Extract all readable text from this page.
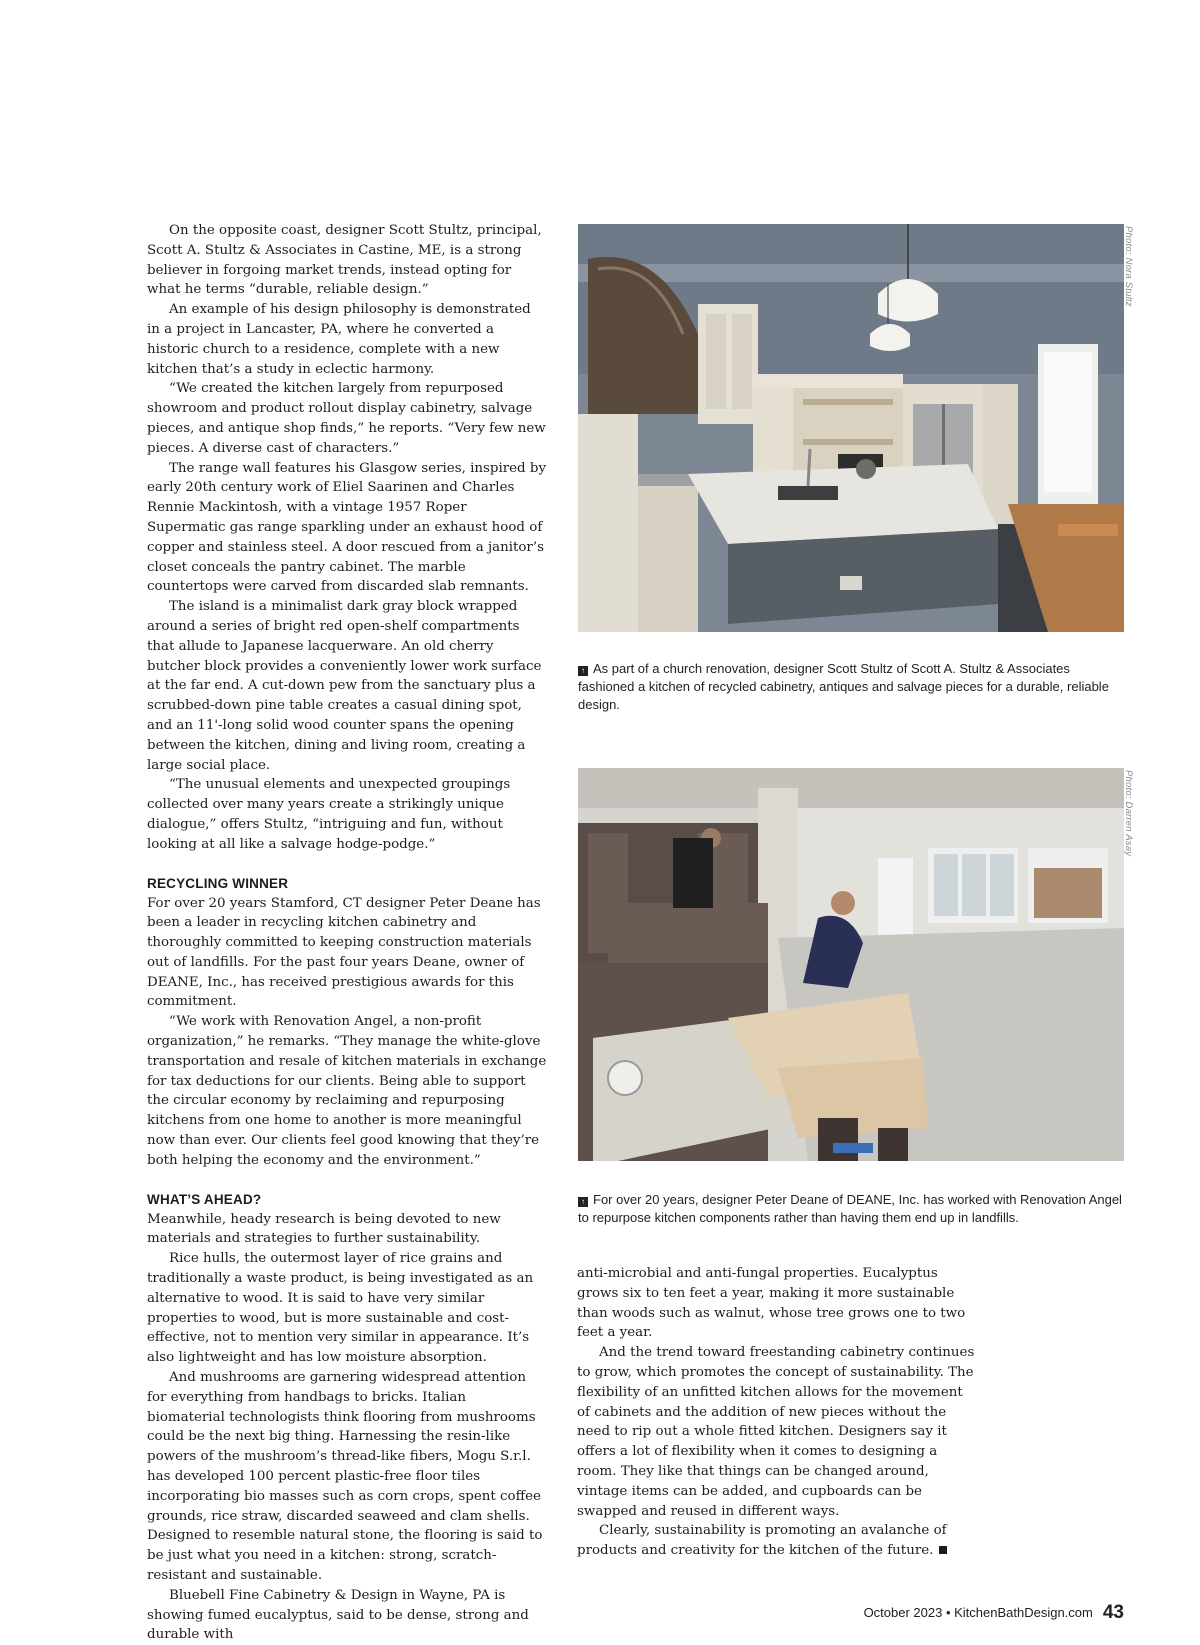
On the opposite coast, designer Scott Stultz, principal, Scott A. Stultz & Associates in Castine, ME, is a strong believer in forgoing market trends, instead opting for what he terms “durable, reliable design.”

An example of his design philosophy is demonstrated in a project in Lancaster, PA, where he converted a historic church to a residence, complete with a new kitchen that’s a study in eclectic harmony.

“We created the kitchen largely from repurposed showroom and product rollout display cabinetry, salvage pieces, and antique shop finds,” he reports. “Very few new pieces. A diverse cast of characters.”

The range wall features his Glasgow series, inspired by early 20th century work of Eliel Saarinen and Charles Rennie Mackintosh, with a vintage 1957 Roper Supermatic gas range sparkling under an exhaust hood of copper and stainless steel. A door rescued from a janitor’s closet conceals the pantry cabinet. The marble countertops were carved from discarded slab remnants.

The island is a minimalist dark gray block wrapped around a series of bright red open-shelf compartments that allude to Japanese lacquerware. An old cherry butcher block provides a conveniently lower work surface at the far end. A cut-down pew from the sanctuary plus a scrubbed-down pine table creates a casual dining spot, and an 11'-long solid wood counter spans the opening between the kitchen, dining and living room, creating a large social place.

“The unusual elements and unexpected groupings collected over many years create a strikingly unique dialogue,” offers Stultz, “intriguing and fun, without looking at all like a salvage hodge-podge.”

RECYCLING WINNER

For over 20 years Stamford, CT designer Peter Deane has been a leader in recycling kitchen cabinetry and thoroughly committed to keeping construction materials out of landfills. For the past four years Deane, owner of DEANE, Inc., has received prestigious awards for this commitment.

“We work with Renovation Angel, a non-profit organization,” he remarks. “They manage the white-glove transportation and resale of kitchen materials in exchange for tax deductions for our clients. Being able to support the circular economy by reclaiming and repurposing kitchens from one home to another is more meaningful now than ever. Our clients feel good knowing that they’re both helping the economy and the environment.”

WHAT’S AHEAD?

Meanwhile, heady research is being devoted to new materials and strategies to further sustainability.

Rice hulls, the outermost layer of rice grains and traditionally a waste product, is being investigated as an alternative to wood. It is said to have very similar properties to wood, but is more sustainable and cost-effective, not to mention very similar in appearance. It’s also lightweight and has low moisture absorption.

And mushrooms are garnering widespread attention for everything from handbags to bricks. Italian biomaterial technologists think flooring from mushrooms could be the next big thing. Harnessing the resin-like powers of the mushroom’s thread-like fibers, Mogu S.r.l. has developed 100 percent plastic-free floor tiles incorporating bio masses such as corn crops, spent coffee grounds, rice straw, discarded seaweed and clam shells. Designed to resemble natural stone, the flooring is said to be just what you need in a kitchen: strong, scratch-resistant and sustainable.

Bluebell Fine Cabinetry & Design in Wayne, PA is showing fumed eucalyptus, said to be dense, strong and durable with

Photo: Nora Stultz
↑ As part of a church renovation, designer Scott Stultz of Scott A. Stultz & Associates fashioned a kitchen of recycled cabinetry, antiques and salvage pieces for a durable, reliable design.
Photo: Darren Asay
↑ For over 20 years, designer Peter Deane of DEANE, Inc. has worked with Renovation Angel to repurpose kitchen components rather than having them end up in landfills.

anti-microbial and anti-fungal properties. Eucalyptus grows six to ten feet a year, making it more sustainable than woods such as walnut, whose tree grows one to two feet a year.

And the trend toward freestanding cabinetry continues to grow, which promotes the concept of sustainability. The flexibility of an unfitted kitchen allows for the movement of cabinets and the addition of new pieces without the need to rip out a whole fitted kitchen. Designers say it offers a lot of flexibility when it comes to designing a room. They like that things can be changed around, vintage items can be added, and cupboards can be swapped and reused in different ways.

Clearly, sustainability is promoting an avalanche of products and creativity for the kitchen of the future.

October 2023 • KitchenBathDesign.com 43
